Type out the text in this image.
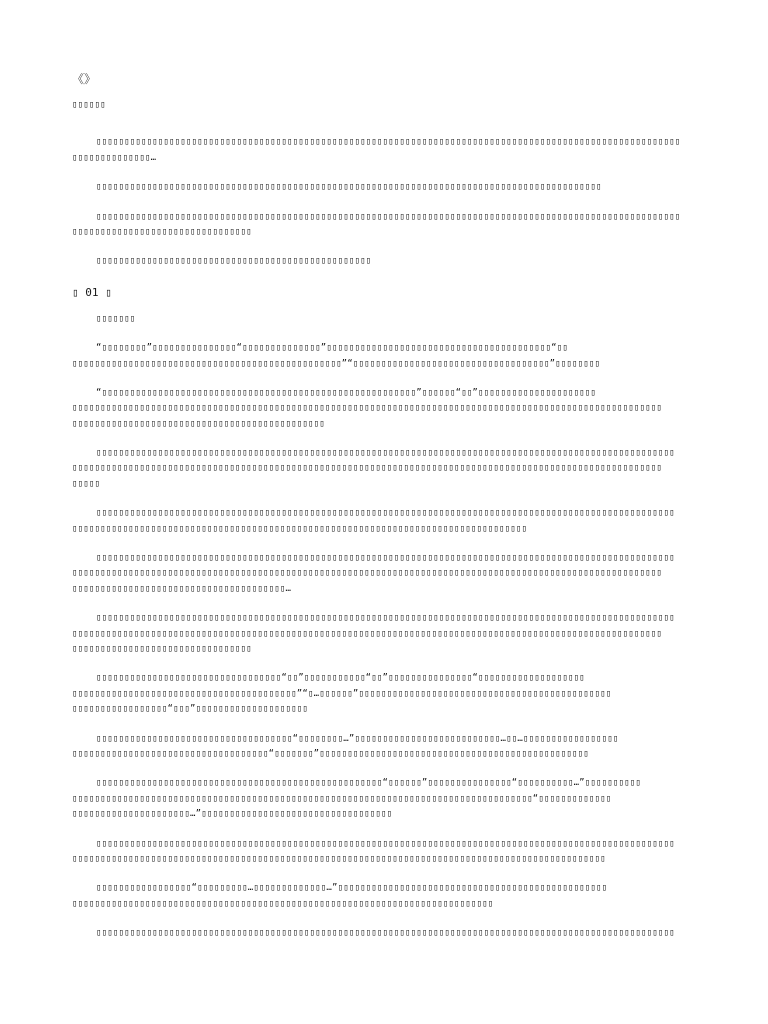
《》
▯▯▯▯▯▯
▯▯▯▯▯▯▯▯▯▯▯▯▯▯▯▯▯▯▯▯▯▯▯▯▯▯▯▯▯▯▯▯▯▯▯▯▯▯▯▯▯▯▯▯▯▯▯▯▯▯▯▯▯▯▯▯▯▯▯▯▯▯▯▯▯▯▯▯▯▯▯▯▯▯▯▯▯▯▯▯▯▯▯▯▯▯▯▯▯▯▯▯▯▯▯▯▯▯▯▯▯▯▯▯
▯▯▯▯▯▯▯▯▯▯▯▯▯▯…
▯▯▯▯▯▯▯▯▯▯▯▯▯▯▯▯▯▯▯▯▯▯▯▯▯▯▯▯▯▯▯▯▯▯▯▯▯▯▯▯▯▯▯▯▯▯▯▯▯▯▯▯▯▯▯▯▯▯▯▯▯▯▯▯▯▯▯▯▯▯▯▯▯▯▯▯▯▯▯▯▯▯▯▯▯▯▯▯▯▯
▯▯▯▯▯▯▯▯▯▯▯▯▯▯▯▯▯▯▯▯▯▯▯▯▯▯▯▯▯▯▯▯▯▯▯▯▯▯▯▯▯▯▯▯▯▯▯▯▯▯▯▯▯▯▯▯▯▯▯▯▯▯▯▯▯▯▯▯▯▯▯▯▯▯▯▯▯▯▯▯▯▯▯▯▯▯▯▯▯▯▯▯▯▯▯▯▯▯▯▯▯▯▯▯
▯▯▯▯▯▯▯▯▯▯▯▯▯▯▯▯▯▯▯▯▯▯▯▯▯▯▯▯▯▯▯▯
▯▯▯▯▯▯▯▯▯▯▯▯▯▯▯▯▯▯▯▯▯▯▯▯▯▯▯▯▯▯▯▯▯▯▯▯▯▯▯▯▯▯▯▯▯▯▯▯▯
▯ 01 ▯
▯▯▯▯▯▯▯
“▯▯▯▯▯▯▯▯”▯▯▯▯▯▯▯▯▯▯▯▯▯▯▯“▯▯▯▯▯▯▯▯▯▯▯▯▯▯”▯▯▯▯▯▯▯▯▯▯▯▯▯▯▯▯▯▯▯▯▯▯▯▯▯▯▯▯▯▯▯▯▯▯▯▯▯▯▯▯“▯▯
▯▯▯▯▯▯▯▯▯▯▯▯▯▯▯▯▯▯▯▯▯▯▯▯▯▯▯▯▯▯▯▯▯▯▯▯▯▯▯▯▯▯▯▯▯▯▯▯”“▯▯▯▯▯▯▯▯▯▯▯▯▯▯▯▯▯▯▯▯▯▯▯▯▯▯▯▯▯▯▯▯▯▯▯”▯▯▯▯▯▯▯▯
“▯▯▯▯▯▯▯▯▯▯▯▯▯▯▯▯▯▯▯▯▯▯▯▯▯▯▯▯▯▯▯▯▯▯▯▯▯▯▯▯▯▯▯▯▯▯▯▯▯▯▯▯▯▯▯▯”▯▯▯▯▯▯“▯▯”▯▯▯▯▯▯▯▯▯▯▯▯▯▯▯▯▯▯▯▯▯
▯▯▯▯▯▯▯▯▯▯▯▯▯▯▯▯▯▯▯▯▯▯▯▯▯▯▯▯▯▯▯▯▯▯▯▯▯▯▯▯▯▯▯▯▯▯▯▯▯▯▯▯▯▯▯▯▯▯▯▯▯▯▯▯▯▯▯▯▯▯▯▯▯▯▯▯▯▯▯▯▯▯▯▯▯▯▯▯▯▯▯▯▯▯▯▯▯▯▯▯▯▯▯▯▯
▯▯▯▯▯▯▯▯▯▯▯▯▯▯▯▯▯▯▯▯▯▯▯▯▯▯▯▯▯▯▯▯▯▯▯▯▯▯▯▯▯▯▯▯▯
▯▯▯▯▯▯▯▯▯▯▯▯▯▯▯▯▯▯▯▯▯▯▯▯▯▯▯▯▯▯▯▯▯▯▯▯▯▯▯▯▯▯▯▯▯▯▯▯▯▯▯▯▯▯▯▯▯▯▯▯▯▯▯▯▯▯▯▯▯▯▯▯▯▯▯▯▯▯▯▯▯▯▯▯▯▯▯▯▯▯▯▯▯▯▯▯▯▯▯▯▯▯▯
▯▯▯▯▯▯▯▯▯▯▯▯▯▯▯▯▯▯▯▯▯▯▯▯▯▯▯▯▯▯▯▯▯▯▯▯▯▯▯▯▯▯▯▯▯▯▯▯▯▯▯▯▯▯▯▯▯▯▯▯▯▯▯▯▯▯▯▯▯▯▯▯▯▯▯▯▯▯▯▯▯▯▯▯▯▯▯▯▯▯▯▯▯▯▯▯▯▯▯▯▯▯▯▯▯
▯▯▯▯▯
▯▯▯▯▯▯▯▯▯▯▯▯▯▯▯▯▯▯▯▯▯▯▯▯▯▯▯▯▯▯▯▯▯▯▯▯▯▯▯▯▯▯▯▯▯▯▯▯▯▯▯▯▯▯▯▯▯▯▯▯▯▯▯▯▯▯▯▯▯▯▯▯▯▯▯▯▯▯▯▯▯▯▯▯▯▯▯▯▯▯▯▯▯▯▯▯▯▯▯▯▯▯▯
▯▯▯▯▯▯▯▯▯▯▯▯▯▯▯▯▯▯▯▯▯▯▯▯▯▯▯▯▯▯▯▯▯▯▯▯▯▯▯▯▯▯▯▯▯▯▯▯▯▯▯▯▯▯▯▯▯▯▯▯▯▯▯▯▯▯▯▯▯▯▯▯▯▯▯▯▯▯▯▯▯
▯▯▯▯▯▯▯▯▯▯▯▯▯▯▯▯▯▯▯▯▯▯▯▯▯▯▯▯▯▯▯▯▯▯▯▯▯▯▯▯▯▯▯▯▯▯▯▯▯▯▯▯▯▯▯▯▯▯▯▯▯▯▯▯▯▯▯▯▯▯▯▯▯▯▯▯▯▯▯▯▯▯▯▯▯▯▯▯▯▯▯▯▯▯▯▯▯▯▯▯▯▯▯
▯▯▯▯▯▯▯▯▯▯▯▯▯▯▯▯▯▯▯▯▯▯▯▯▯▯▯▯▯▯▯▯▯▯▯▯▯▯▯▯▯▯▯▯▯▯▯▯▯▯▯▯▯▯▯▯▯▯▯▯▯▯▯▯▯▯▯▯▯▯▯▯▯▯▯▯▯▯▯▯▯▯▯▯▯▯▯▯▯▯▯▯▯▯▯▯▯▯▯▯▯▯▯▯▯
▯▯▯▯▯▯▯▯▯▯▯▯▯▯▯▯▯▯▯▯▯▯▯▯▯▯▯▯▯▯▯▯▯▯▯▯▯▯…
▯▯▯▯▯▯▯▯▯▯▯▯▯▯▯▯▯▯▯▯▯▯▯▯▯▯▯▯▯▯▯▯▯▯▯▯▯▯▯▯▯▯▯▯▯▯▯▯▯▯▯▯▯▯▯▯▯▯▯▯▯▯▯▯▯▯▯▯▯▯▯▯▯▯▯▯▯▯▯▯▯▯▯▯▯▯▯▯▯▯▯▯▯▯▯▯▯▯▯▯▯▯▯
▯▯▯▯▯▯▯▯▯▯▯▯▯▯▯▯▯▯▯▯▯▯▯▯▯▯▯▯▯▯▯▯▯▯▯▯▯▯▯▯▯▯▯▯▯▯▯▯▯▯▯▯▯▯▯▯▯▯▯▯▯▯▯▯▯▯▯▯▯▯▯▯▯▯▯▯▯▯▯▯▯▯▯▯▯▯▯▯▯▯▯▯▯▯▯▯▯▯▯▯▯▯▯▯▯
▯▯▯▯▯▯▯▯▯▯▯▯▯▯▯▯▯▯▯▯▯▯▯▯▯▯▯▯▯▯▯▯
▯▯▯▯▯▯▯▯▯▯▯▯▯▯▯▯▯▯▯▯▯▯▯▯▯▯▯▯▯▯▯▯▯“▯▯”▯▯▯▯▯▯▯▯▯▯▯“▯▯”▯▯▯▯▯▯▯▯▯▯▯▯▯▯▯“▯▯▯▯▯▯▯▯▯▯▯▯▯▯▯▯▯▯▯
▯▯▯▯▯▯▯▯▯▯▯▯▯▯▯▯▯▯▯▯▯▯▯▯▯▯▯▯▯▯▯▯▯▯▯▯▯▯▯▯”“▯…▯▯▯▯▯▯”▯▯▯▯▯▯▯▯▯▯▯▯▯▯▯▯▯▯▯▯▯▯▯▯▯▯▯▯▯▯▯▯▯▯▯▯▯▯▯▯▯▯▯▯▯
▯▯▯▯▯▯▯▯▯▯▯▯▯▯▯▯▯“▯▯▯”▯▯▯▯▯▯▯▯▯▯▯▯▯▯▯▯▯▯▯▯
▯▯▯▯▯▯▯▯▯▯▯▯▯▯▯▯▯▯▯▯▯▯▯▯▯▯▯▯▯▯▯▯▯▯▯“▯▯▯▯▯▯▯▯…”▯▯▯▯▯▯▯▯▯▯▯▯▯▯▯▯▯▯▯▯▯▯▯▯▯▯…▯▯…▯▯▯▯▯▯▯▯▯▯▯▯▯▯▯▯▯
▯▯▯▯▯▯▯▯▯▯▯▯▯▯▯▯▯▯▯▯▯▯▯▯▯▯▯▯▯▯▯▯▯▯▯“▯▯▯▯▯▯▯”▯▯▯▯▯▯▯▯▯▯▯▯▯▯▯▯▯▯▯▯▯▯▯▯▯▯▯▯▯▯▯▯▯▯▯▯▯▯▯▯▯▯▯▯▯▯▯▯
▯▯▯▯▯▯▯▯▯▯▯▯▯▯▯▯▯▯▯▯▯▯▯▯▯▯▯▯▯▯▯▯▯▯▯▯▯▯▯▯▯▯▯▯▯▯▯▯▯▯▯“▯▯▯▯▯▯”▯▯▯▯▯▯▯▯▯▯▯▯▯▯▯“▯▯▯▯▯▯▯▯▯▯…”▯▯▯▯▯▯▯▯▯▯
▯▯▯▯▯▯▯▯▯▯▯▯▯▯▯▯▯▯▯▯▯▯▯▯▯▯▯▯▯▯▯▯▯▯▯▯▯▯▯▯▯▯▯▯▯▯▯▯▯▯▯▯▯▯▯▯▯▯▯▯▯▯▯▯▯▯▯▯▯▯▯▯▯▯▯▯▯▯▯▯▯▯“▯▯▯▯▯▯▯▯▯▯▯▯▯
▯▯▯▯▯▯▯▯▯▯▯▯▯▯▯▯▯▯▯▯▯…”▯▯▯▯▯▯▯▯▯▯▯▯▯▯▯▯▯▯▯▯▯▯▯▯▯▯▯▯▯▯▯▯▯▯
▯▯▯▯▯▯▯▯▯▯▯▯▯▯▯▯▯▯▯▯▯▯▯▯▯▯▯▯▯▯▯▯▯▯▯▯▯▯▯▯▯▯▯▯▯▯▯▯▯▯▯▯▯▯▯▯▯▯▯▯▯▯▯▯▯▯▯▯▯▯▯▯▯▯▯▯▯▯▯▯▯▯▯▯▯▯▯▯▯▯▯▯▯▯▯▯▯▯▯▯▯▯▯
▯▯▯▯▯▯▯▯▯▯▯▯▯▯▯▯▯▯▯▯▯▯▯▯▯▯▯▯▯▯▯▯▯▯▯▯▯▯▯▯▯▯▯▯▯▯▯▯▯▯▯▯▯▯▯▯▯▯▯▯▯▯▯▯▯▯▯▯▯▯▯▯▯▯▯▯▯▯▯▯▯▯▯▯▯▯▯▯▯▯▯▯▯▯▯
▯▯▯▯▯▯▯▯▯▯▯▯▯▯▯▯▯“▯▯▯▯▯▯▯▯▯…▯▯▯▯▯▯▯▯▯▯▯▯▯…”▯▯▯▯▯▯▯▯▯▯▯▯▯▯▯▯▯▯▯▯▯▯▯▯▯▯▯▯▯▯▯▯▯▯▯▯▯▯▯▯▯▯▯▯▯▯▯▯
▯▯▯▯▯▯▯▯▯▯▯▯▯▯▯▯▯▯▯▯▯▯▯▯▯▯▯▯▯▯▯▯▯▯▯▯▯▯▯▯▯▯▯▯▯▯▯▯▯▯▯▯▯▯▯▯▯▯▯▯▯▯▯▯▯▯▯▯▯▯▯▯▯▯▯
▯▯▯▯▯▯▯▯▯▯▯▯▯▯▯▯▯▯▯▯▯▯▯▯▯▯▯▯▯▯▯▯▯▯▯▯▯▯▯▯▯▯▯▯▯▯▯▯▯▯▯▯▯▯▯▯▯▯▯▯▯▯▯▯▯▯▯▯▯▯▯▯▯▯▯▯▯▯▯▯▯▯▯▯▯▯▯▯▯▯▯▯▯▯▯▯▯▯▯▯▯▯▯
